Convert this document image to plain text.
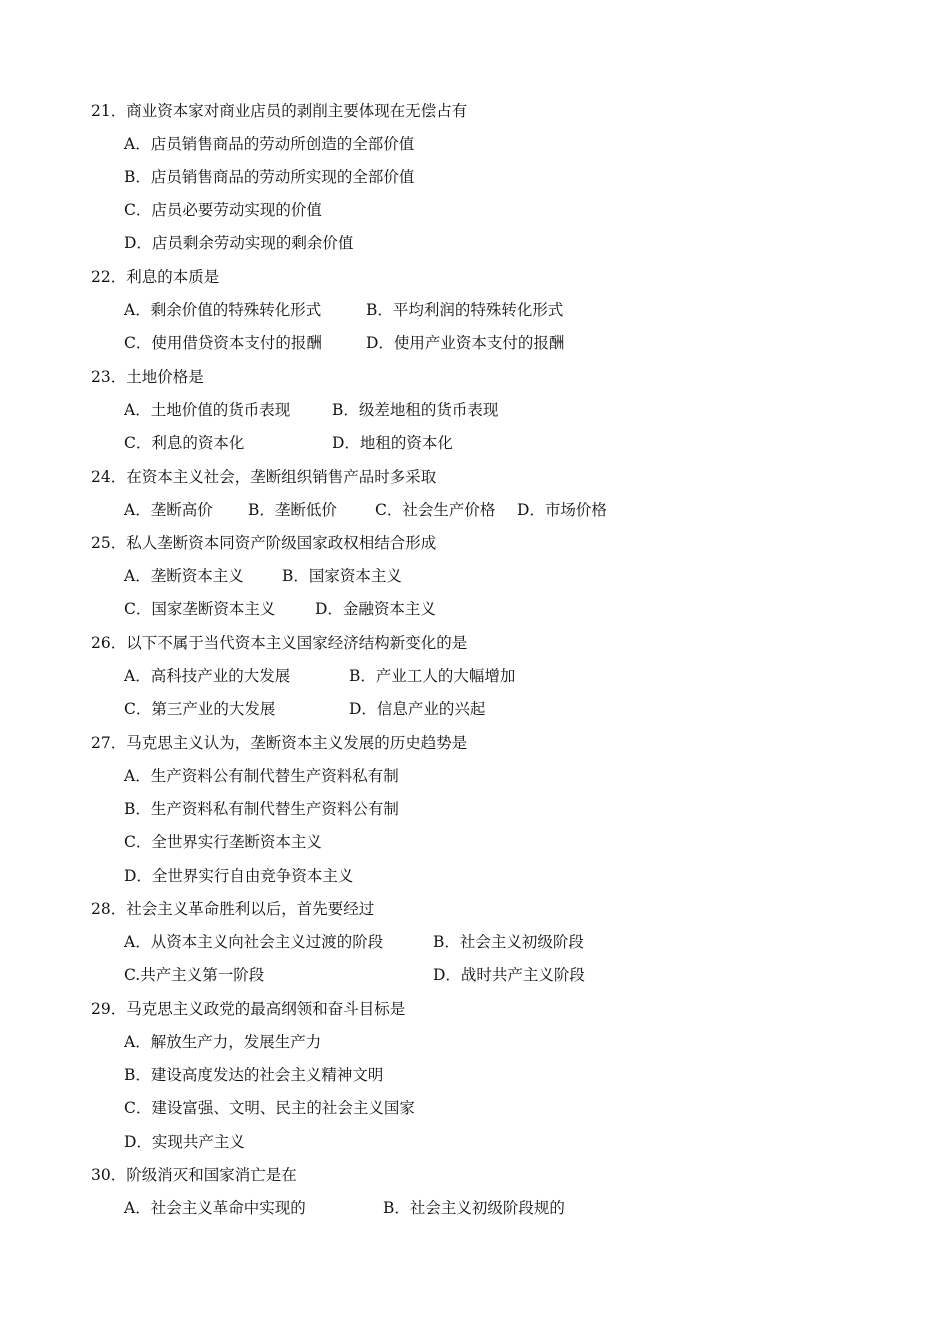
21．商业资本家对商业店员的剥削主要体现在无偿占有
A．店员销售商品的劳动所创造的全部价值
B．店员销售商品的劳动所实现的全部价值
C．店员必要劳动实现的价值
D．店员剩余劳动实现的剩余价值
22．利息的本质是
A．剩余价值的特殊转化形式	B．平均利润的特殊转化形式
C．使用借贷资本支付的报酬	D．使用产业资本支付的报酬
23．土地价格是
A．土地价值的货币表现	B．级差地租的货币表现
C．利息的资本化	D．地租的资本化
24．在资本主义社会，垄断组织销售产品时多采取
A．垄断高价 B．垄断低价 C．社会生产价格 D．市场价格
25．私人垄断资本同资产阶级国家政权相结合形成
A．垄断资本主义 B．国家资本主义
C．国家垄断资本主义	D．金融资本主义
26．以下不属于当代资本主义国家经济结构新变化的是
A．高科技产业的大发展	B．产业工人的大幅增加
C．第三产业的大发展	D．信息产业的兴起
27．马克思主义认为，垄断资本主义发展的历史趋势是
A．生产资料公有制代替生产资料私有制
B．生产资料私有制代替生产资料公有制
C．全世界实行垄断资本主义
D．全世界实行自由竞争资本主义
28．社会主义革命胜利以后，首先要经过
A．从资本主义向社会主义过渡的阶段	B．社会主义初级阶段
C.共产主义第一阶段	D．战时共产主义阶段
29．马克思主义政党的最高纲领和奋斗目标是
A．解放生产力，发展生产力
B．建设高度发达的社会主义精神文明
C．建设富强、文明、民主的社会主义国家
D．实现共产主义
30．阶级消灭和国家消亡是在
A．社会主义革命中实现的	B．社会主义初级阶段规的
